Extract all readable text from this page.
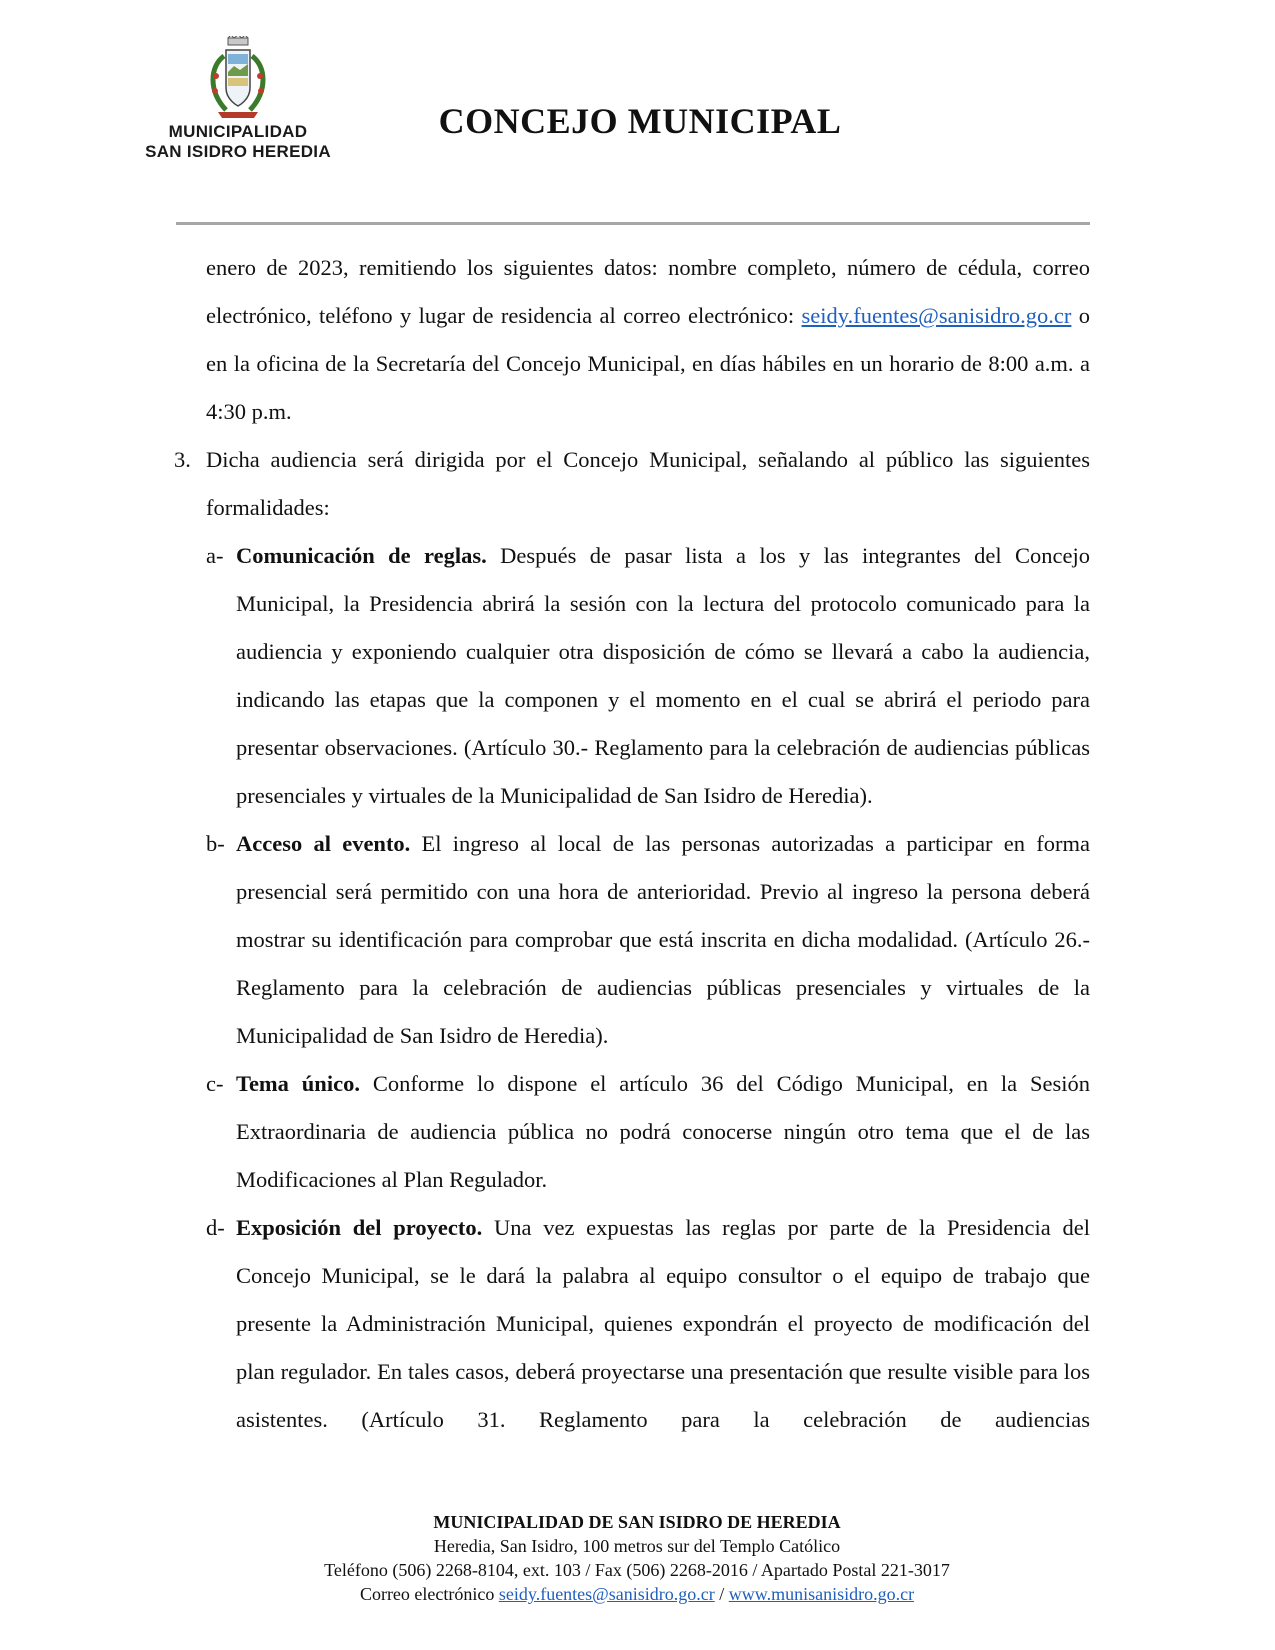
MUNICIPALIDAD
SAN ISIDRO HEREDIA
CONCEJO MUNICIPAL

enero de 2023, remitiendo los siguientes datos: nombre completo, número de cédula, correo electrónico, teléfono y lugar de residencia al correo electrónico: seidy.fuentes@sanisidro.go.cr o en la oficina de la Secretaría del Concejo Municipal, en días hábiles en un horario de 8:00 a.m. a 4:30 p.m.

3. Dicha audiencia será dirigida por el Concejo Municipal, señalando al público las siguientes formalidades:

a- Comunicación de reglas. Después de pasar lista a los y las integrantes del Concejo Municipal, la Presidencia abrirá la sesión con la lectura del protocolo comunicado para la audiencia y exponiendo cualquier otra disposición de cómo se llevará a cabo la audiencia, indicando las etapas que la componen y el momento en el cual se abrirá el periodo para presentar observaciones. (Artículo 30.- Reglamento para la celebración de audiencias públicas presenciales y virtuales de la Municipalidad de San Isidro de Heredia).

b- Acceso al evento. El ingreso al local de las personas autorizadas a participar en forma presencial será permitido con una hora de anterioridad. Previo al ingreso la persona deberá mostrar su identificación para comprobar que está inscrita en dicha modalidad. (Artículo 26.- Reglamento para la celebración de audiencias públicas presenciales y virtuales de la Municipalidad de San Isidro de Heredia).

c- Tema único. Conforme lo dispone el artículo 36 del Código Municipal, en la Sesión Extraordinaria de audiencia pública no podrá conocerse ningún otro tema que el de las Modificaciones al Plan Regulador.

d- Exposición del proyecto. Una vez expuestas las reglas por parte de la Presidencia del Concejo Municipal, se le dará la palabra al equipo consultor o el equipo de trabajo que presente la Administración Municipal, quienes expondrán el proyecto de modificación del plan regulador. En tales casos, deberá proyectarse una presentación que resulte visible para los asistentes. (Artículo 31. Reglamento para la celebración de audiencias

MUNICIPALIDAD DE SAN ISIDRO DE HEREDIA
Heredia, San Isidro, 100 metros sur del Templo Católico
Teléfono (506) 2268-8104, ext. 103 / Fax (506) 2268-2016 / Apartado Postal 221-3017
Correo electrónico seidy.fuentes@sanisidro.go.cr / www.munisanisidro.go.cr
